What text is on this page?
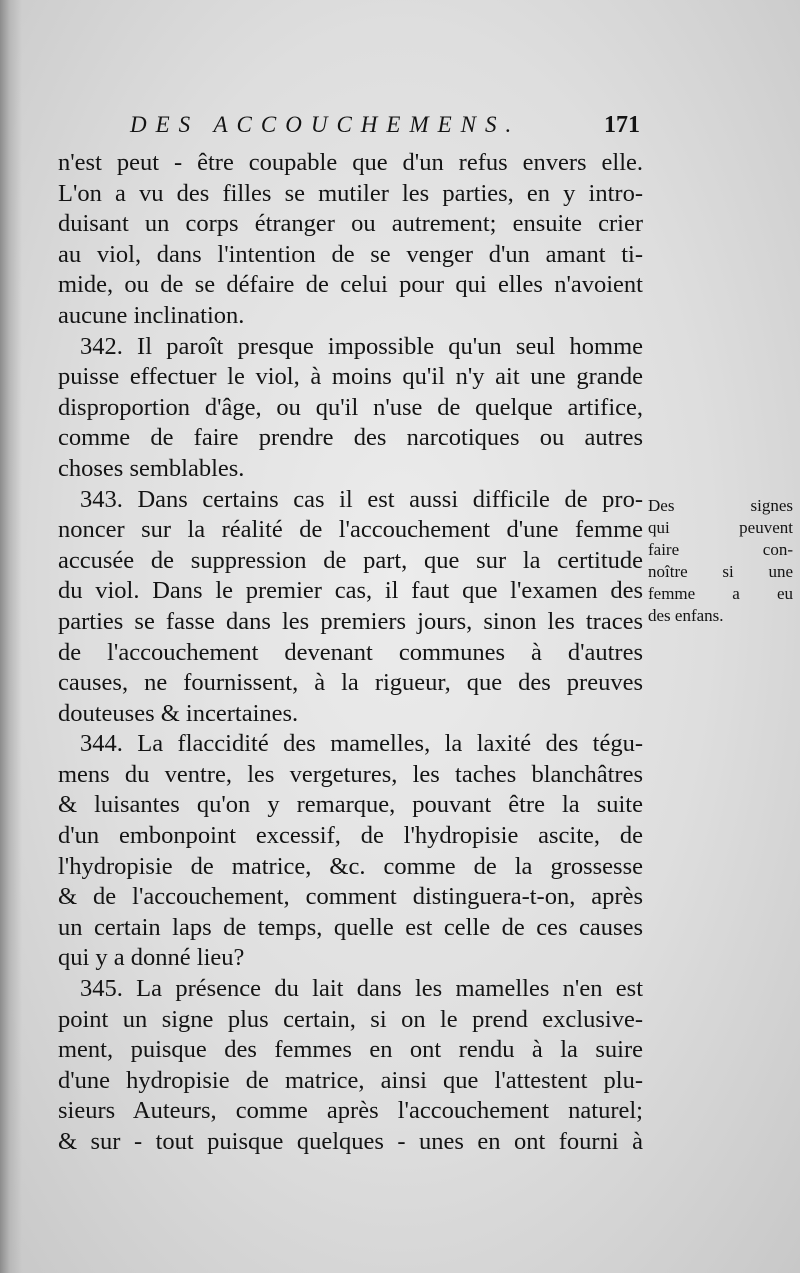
DES ACCOUCHEMENS.	171
n'est peut - être coupable que d'un refus envers elle.
L'on a vu des filles se mutiler les parties, en y intro-
duisant un corps étranger ou autrement; ensuite crier
au viol, dans l'intention de se venger d'un amant ti-
mide, ou de se défaire de celui pour qui elles n'avoient
aucune inclination.
342. Il paroît presque impossible qu'un seul homme
puisse effectuer le viol, à moins qu'il n'y ait une grande
disproportion d'âge, ou qu'il n'use de quelque artifice,
comme de faire prendre des narcotiques ou autres
choses semblables.
343. Dans certains cas il est aussi difficile de pro-
noncer sur la réalité de l'accouchement d'une femme
accusée de suppression de part, que sur la certitude
du viol. Dans le premier cas, il faut que l'examen des
parties se fasse dans les premiers jours, sinon les traces
de l'accouchement devenant communes à d'autres
causes, ne fournissent, à la rigueur, que des preuves
douteuses & incertaines.
344. La flaccidité des mamelles, la laxité des tégu-
mens du ventre, les vergetures, les taches blanchâtres
& luisantes qu'on y remarque, pouvant être la suite
d'un embonpoint excessif, de l'hydropisie ascite, de
l'hydropisie de matrice, &c. comme de la grossesse
& de l'accouchement, comment distinguera-t-on, après
un certain laps de temps, quelle est celle de ces causes
qui y a donné lieu?
345. La présence du lait dans les mamelles n'en est
point un signe plus certain, si on le prend exclusive-
ment, puisque des femmes en ont rendu à la suire
d'une hydropisie de matrice, ainsi que l'attestent plu-
sieurs Auteurs, comme après l'accouchement naturel;
& sur - tout puisque quelques - unes en ont fourni à
Des signes
qui peuvent
faire con-
noître si une
femme a eu
des enfans.
